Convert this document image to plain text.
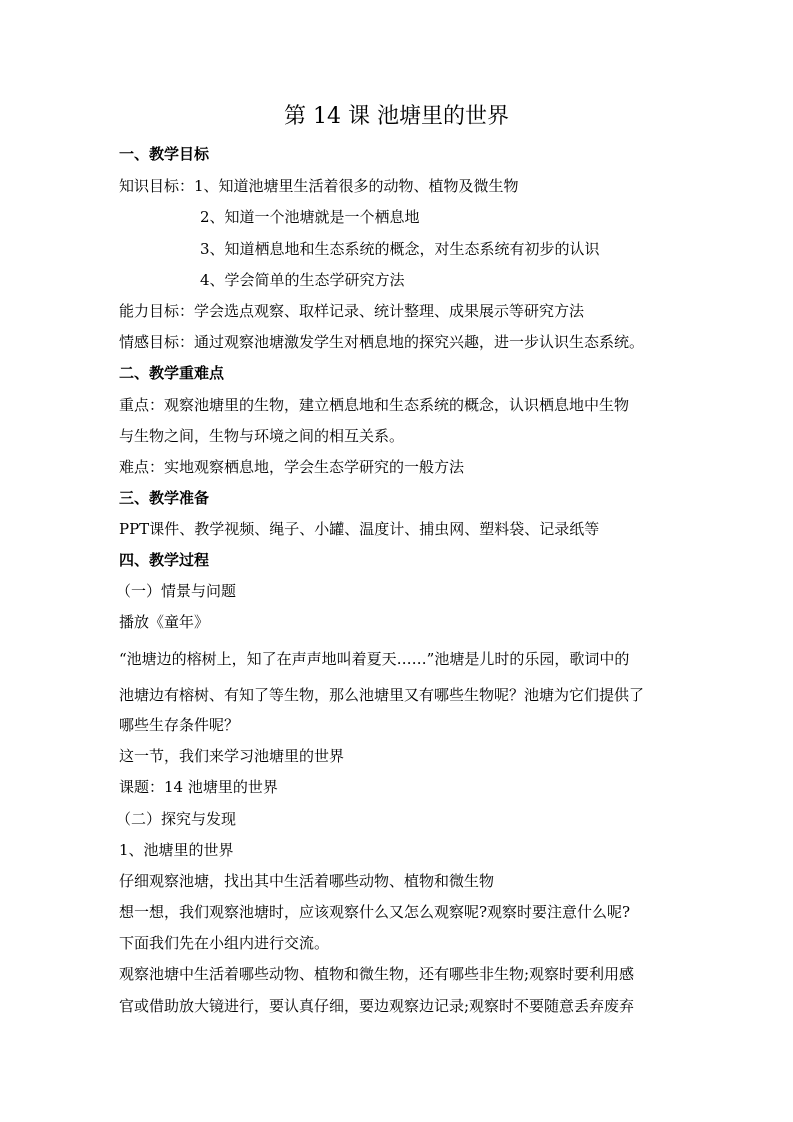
第 14 课 池塘里的世界
一、教学目标
知识目标：1、知道池塘里生活着很多的动物、植物及微生物
2、知道一个池塘就是一个栖息地
3、知道栖息地和生态系统的概念，对生态系统有初步的认识
4、学会简单的生态学研究方法
能力目标：学会选点观察、取样记录、统计整理、成果展示等研究方法
情感目标：通过观察池塘激发学生对栖息地的探究兴趣，进一步认识生态系统。
二、教学重难点
重点：观察池塘里的生物，建立栖息地和生态系统的概念，认识栖息地中生物
与生物之间，生物与环境之间的相互关系。
难点：实地观察栖息地，学会生态学研究的一般方法
三、教学准备
PPT课件、教学视频、绳子、小罐、温度计、捕虫网、塑料袋、记录纸等
四、教学过程
（一）情景与问题
播放《童年》
“池塘边的榕树上，知了在声声地叫着夏天……”池塘是儿时的乐园，歌词中的
池塘边有榕树、有知了等生物，那么池塘里又有哪些生物呢？池塘为它们提供了
哪些生存条件呢？
这一节，我们来学习池塘里的世界
课题：14 池塘里的世界
（二）探究与发现
1、池塘里的世界
仔细观察池塘，找出其中生活着哪些动物、植物和微生物
想一想，我们观察池塘时，应该观察什么又怎么观察呢?观察时要注意什么呢?
下面我们先在小组内进行交流。
观察池塘中生活着哪些动物、植物和微生物，还有哪些非生物;观察时要利用感
官或借助放大镜进行，要认真仔细，要边观察边记录;观察时不要随意丢弃废弃
